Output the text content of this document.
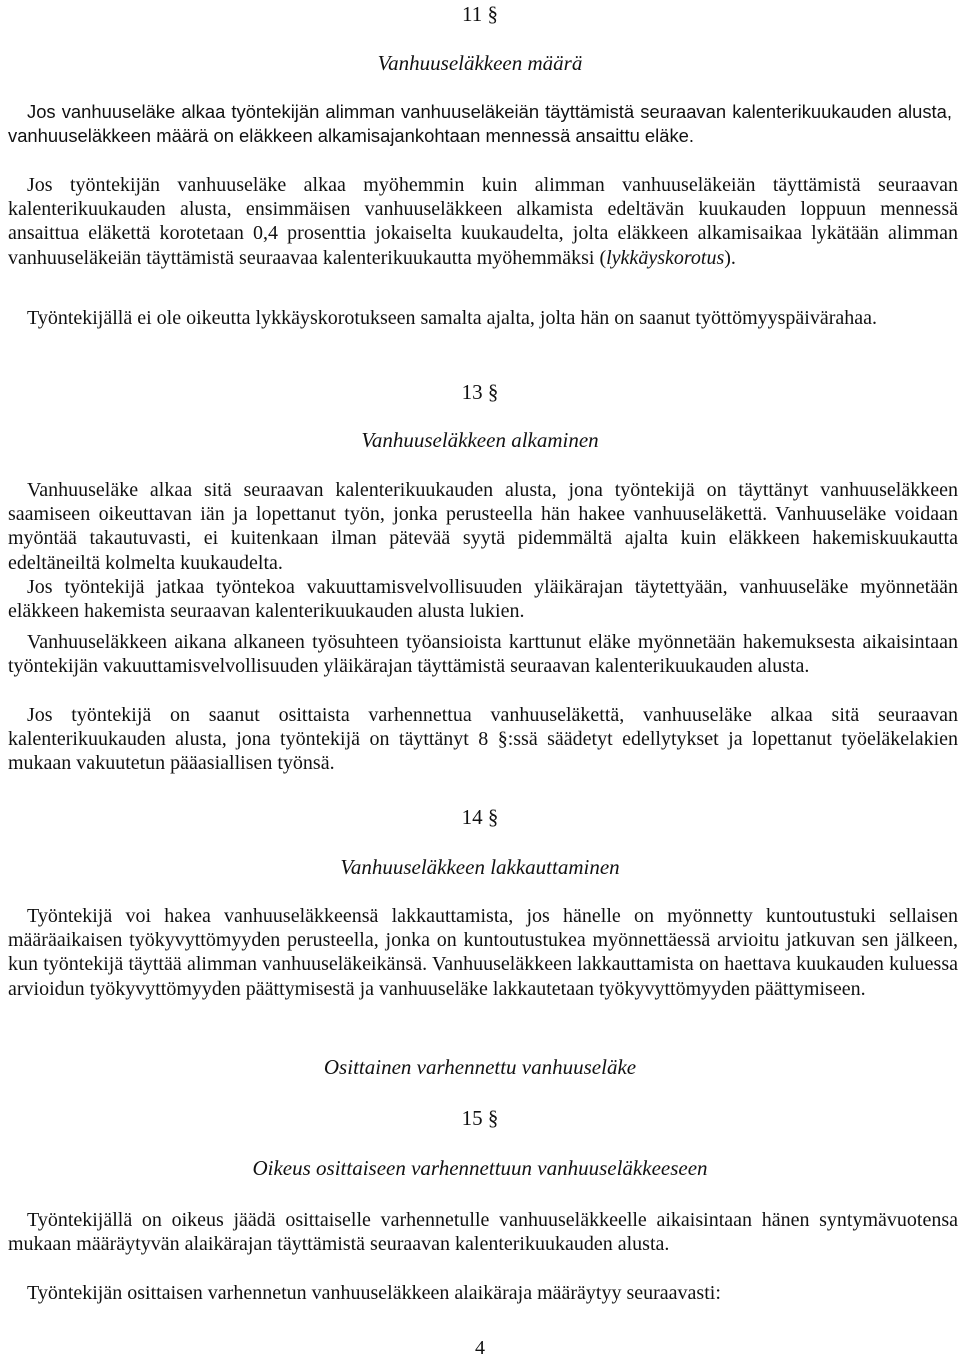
11 §
Vanhuuseläkkeen määrä
Jos vanhuuseläke alkaa työntekijän alimman vanhuuseläkeiän täyttämistä seuraavan kalenterikuukauden alusta, vanhuuseläkkeen määrä on eläkkeen alkamisajankohtaan mennessä ansaittu eläke.
Jos työntekijän vanhuuseläke alkaa myöhemmin kuin alimman vanhuuseläkeiän täyttämistä seuraavan kalenterikuukauden alusta, ensimmäisen vanhuuseläkkeen alkamista edeltävän kuukauden loppuun mennessä ansaittua eläkettä korotetaan 0,4 prosenttia jokaiselta kuukaudelta, jolta eläkkeen alkamisaikaa lykätään alimman vanhuuseläkeiän täyttämistä seuraavaa kalenterikuukautta myöhemmäksi (lykkäyskorotus).
Työntekijällä ei ole oikeutta lykkäyskorotukseen samalta ajalta, jolta hän on saanut työttömyyspäivärahaa.
13 §
Vanhuuseläkkeen alkaminen
Vanhuuseläke alkaa sitä seuraavan kalenterikuukauden alusta, jona työntekijä on täyttänyt vanhuuseläkkeen saamiseen oikeuttavan iän ja lopettanut työn, jonka perusteella hän hakee vanhuuseläkettä. Vanhuuseläke voidaan myöntää takautuvasti, ei kuitenkaan ilman pätevää syytä pidemmältä ajalta kuin eläkkeen hakemiskuukautta edeltäneiltä kolmelta kuukaudelta.
Jos työntekijä jatkaa työntekoa vakuuttamisvelvollisuuden yläikärajan täytettyään, vanhuuseläke myönnetään eläkkeen hakemista seuraavan kalenterikuukauden alusta lukien.
Vanhuuseläkkeen aikana alkaneen työsuhteen työansioista karttunut eläke myönnetään hakemuksesta aikaisintaan työntekijän vakuuttamisvelvollisuuden yläikärajan täyttämistä seuraavan kalenterikuukauden alusta.
Jos työntekijä on saanut osittaista varhennettua vanhuuseläkettä, vanhuuseläke alkaa sitä seuraavan kalenterikuukauden alusta, jona työntekijä on täyttänyt 8 §:ssä säädetyt edellytykset ja lopettanut työeläkelakien mukaan vakuutetun pääasiallisen työnsä.
14 §
Vanhuuseläkkeen lakkauttaminen
Työntekijä voi hakea vanhuuseläkkeensä lakkauttamista, jos hänelle on myönnetty kuntoutustuki sellaisen määräaikaisen työkyvyttömyyden perusteella, jonka on kuntoutustukea myönnettäessä arvioitu jatkuvan sen jälkeen, kun työntekijä täyttää alimman vanhuuseläkeikänsä. Vanhuuseläkkeen lakkauttamista on haettava kuukauden kuluessa arvioidun työkyvyttömyyden päättymisestä ja vanhuuseläke lakkautetaan työkyvyttömyyden päättymiseen.
Osittainen varhennettu vanhuuseläke
15 §
Oikeus osittaiseen varhennettuun vanhuuseläkkeeseen
Työntekijällä on oikeus jäädä osittaiselle varhennetulle vanhuuseläkkeelle aikaisintaan hänen syntymävuotensa mukaan määräytyvän alaikärajan täyttämistä seuraavan kalenterikuukauden alusta.
Työntekijän osittaisen varhennetun vanhuuseläkkeen alaikäraja määräytyy seuraavasti:
4
